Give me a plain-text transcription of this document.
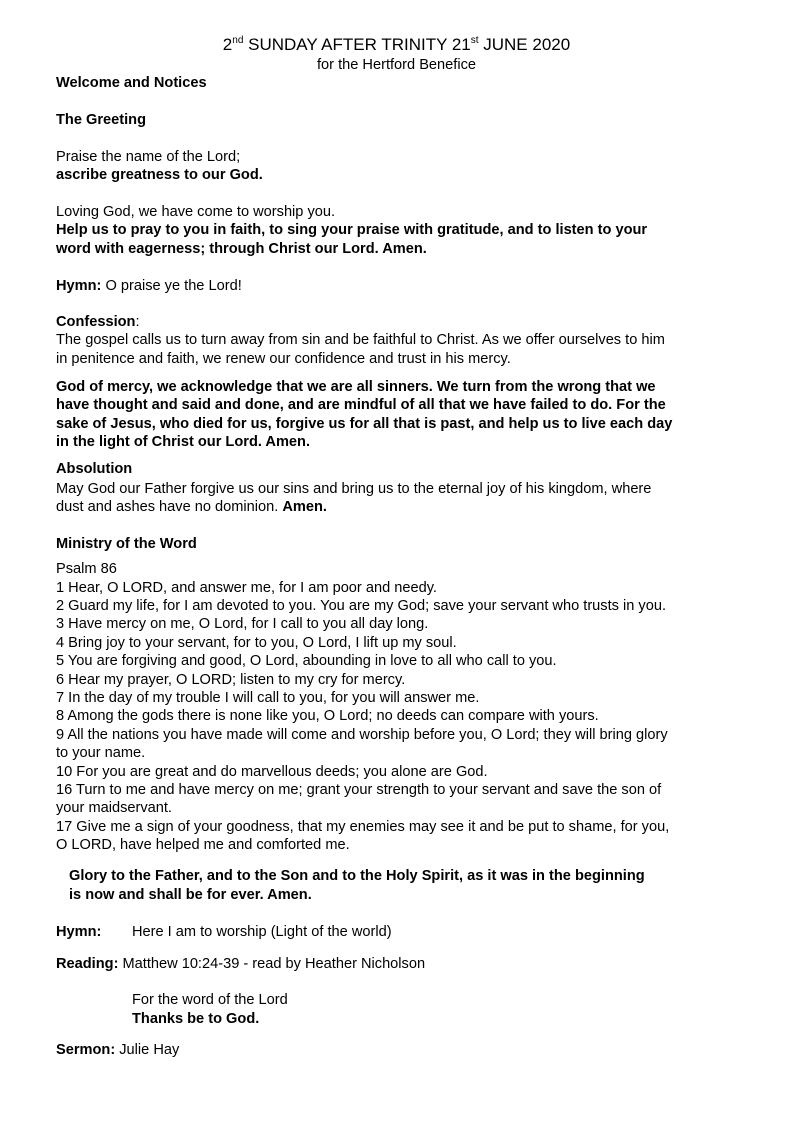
2nd SUNDAY AFTER TRINITY 21st JUNE 2020
for the Hertford Benefice
Welcome and Notices
The Greeting
Praise the name of the Lord;
ascribe greatness to our God.
Loving God, we have come to worship you.
Help us to pray to you in faith, to sing your praise with gratitude, and to listen to your
word with eagerness; through Christ our Lord. Amen.
Hymn: O praise ye the Lord!
Confession:
The gospel calls us to turn away from sin and be faithful to Christ. As we offer ourselves to him
in penitence and faith, we renew our confidence and trust in his mercy.
God of mercy, we acknowledge that we are all sinners. We turn from the wrong that we
have thought and said and done, and are mindful of all that we have failed to do. For the
sake of Jesus, who died for us, forgive us for all that is past, and help us to live each day
in the light of Christ our Lord. Amen.
Absolution
May God our Father forgive us our sins and bring us to the eternal joy of his kingdom, where
dust and ashes have no dominion. Amen.
Ministry of the Word
Psalm 86
1 Hear, O LORD, and answer me, for I am poor and needy.
2 Guard my life, for I am devoted to you. You are my God; save your servant who trusts in you.
3 Have mercy on me, O Lord, for I call to you all day long.
4 Bring joy to your servant, for to you, O Lord, I lift up my soul.
5 You are forgiving and good, O Lord, abounding in love to all who call to you.
6 Hear my prayer, O LORD; listen to my cry for mercy.
7 In the day of my trouble I will call to you, for you will answer me.
8 Among the gods there is none like you, O Lord; no deeds can compare with yours.
9 All the nations you have made will come and worship before you, O Lord; they will bring glory
to your name.
10 For you are great and do marvellous deeds; you alone are God.
16 Turn to me and have mercy on me; grant your strength to your servant and save the son of
your maidservant.
17 Give me a sign of your goodness, that my enemies may see it and be put to shame, for you,
O LORD, have helped me and comforted me.
Glory to the Father, and to the Son and to the Holy Spirit, as it was in the beginning
is now and shall be for ever. Amen.
Hymn: Here I am to worship (Light of the world)
Reading: Matthew 10:24-39 - read by Heather Nicholson
For the word of the Lord
Thanks be to God.
Sermon: Julie Hay
